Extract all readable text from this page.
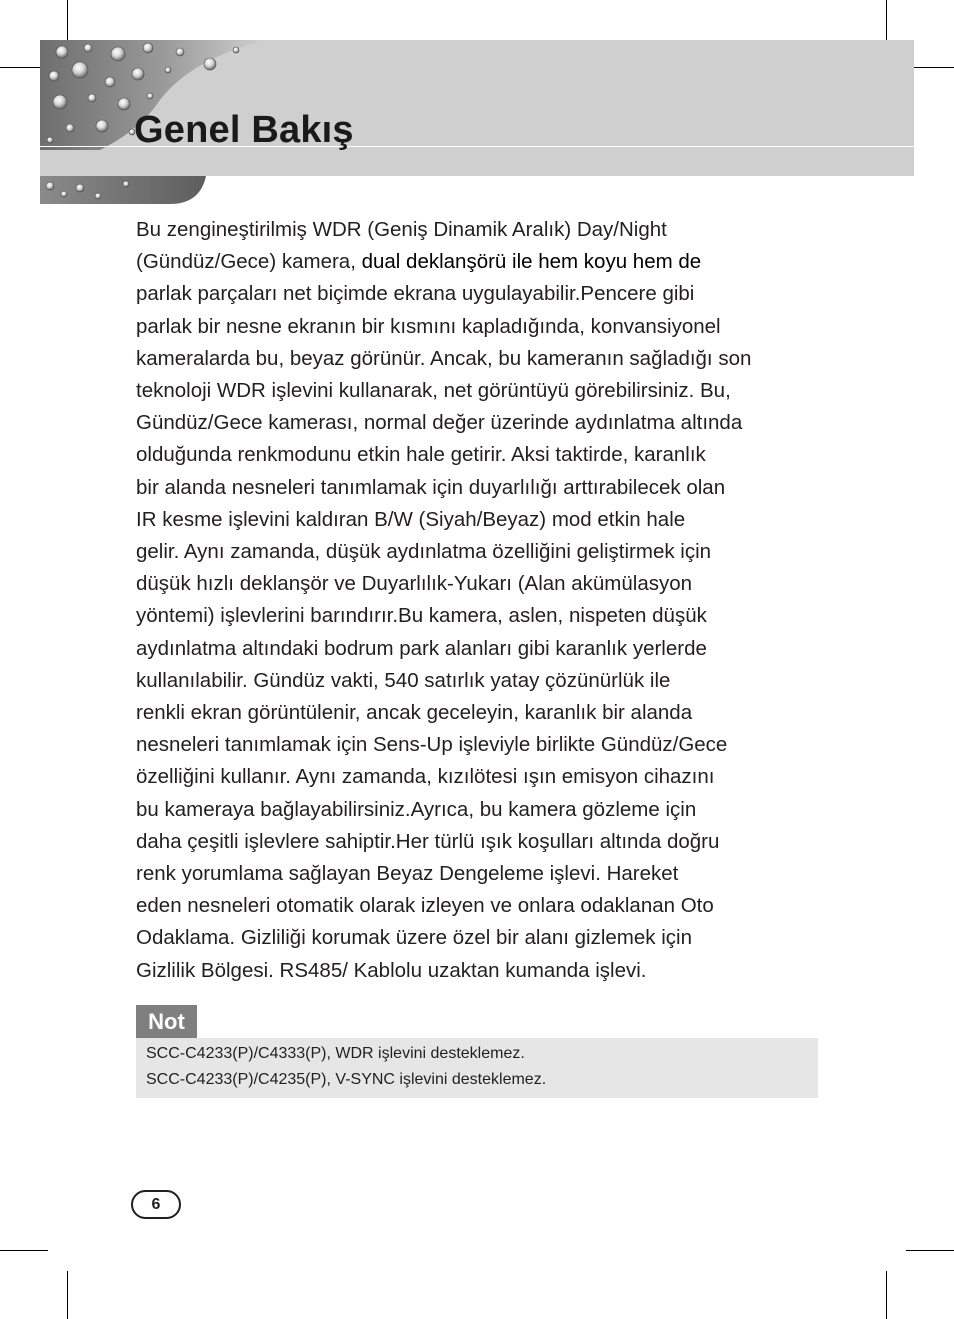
Genel Bakış

Bu zenginеştirilmiş WDR (Geniş Dinamik Aralık) Day/Night
(Gündüz/Gece) kamera, dual deklanşörü ile hem koyu hem de
parlak parçaları net biçimde ekrana uygulayabilir.Pencere gibi
parlak bir nesne ekranın bir kısmını kapladığında, konvansiyonel
kameralarda bu, beyaz görünür. Ancak, bu kameranın sağladığı son
teknoloji WDR işlevini kullanarak, net görüntüyü görebilirsiniz. Bu,
Gündüz/Gece kamerası, normal değer üzerinde aydınlatma altında
olduğunda renkmodunu etkin hale getirir. Aksi taktirde, karanlık
bir alanda nesneleri tanımlamak için duyarlılığı arttırabilecek olan
IR kesme işlevini kaldıran B/W (Siyah/Beyaz) mod etkin hale
gelir. Aynı zamanda, düşük aydınlatma özelliğini geliştirmek için
düşük hızlı deklanşör ve Duyarlılık-Yukarı (Alan akümülasyon
yöntemi) işlevlerini barındırır.Bu kamera, aslen, nispeten düşük
aydınlatma altındaki bodrum park alanları gibi karanlık yerlerde
kullanılabilir. Gündüz vakti, 540 satırlık yatay çözünürlük ile
renkli ekran görüntülenir, ancak geceleyin, karanlık bir alanda
nesneleri tanımlamak için Sens-Up işleviyle birlikte Gündüz/Gece
özelliğini kullanır. Aynı zamanda, kızılötesi ışın emisyon cihazını
bu kameraya bağlayabilirsiniz.Ayrıca, bu kamera gözleme için
daha çeşitli işlevlere sahiptir.Her türlü ışık koşulları altında doğru
renk yorumlama sağlayan Beyaz Dengeleme işlevi. Hareket
eden nesneleri otomatik olarak izleyen ve onlara odaklanan Oto
Odaklama. Gizliliği korumak üzere özel bir alanı gizlemek için
Gizlilik Bölgesi. RS485/ Kablolu uzaktan kumanda işlevi.

Not
SCC-C4233(P)/C4333(P), WDR işlevini desteklemez.
SCC-C4233(P)/C4235(P), V-SYNC işlevini desteklemez.
6
